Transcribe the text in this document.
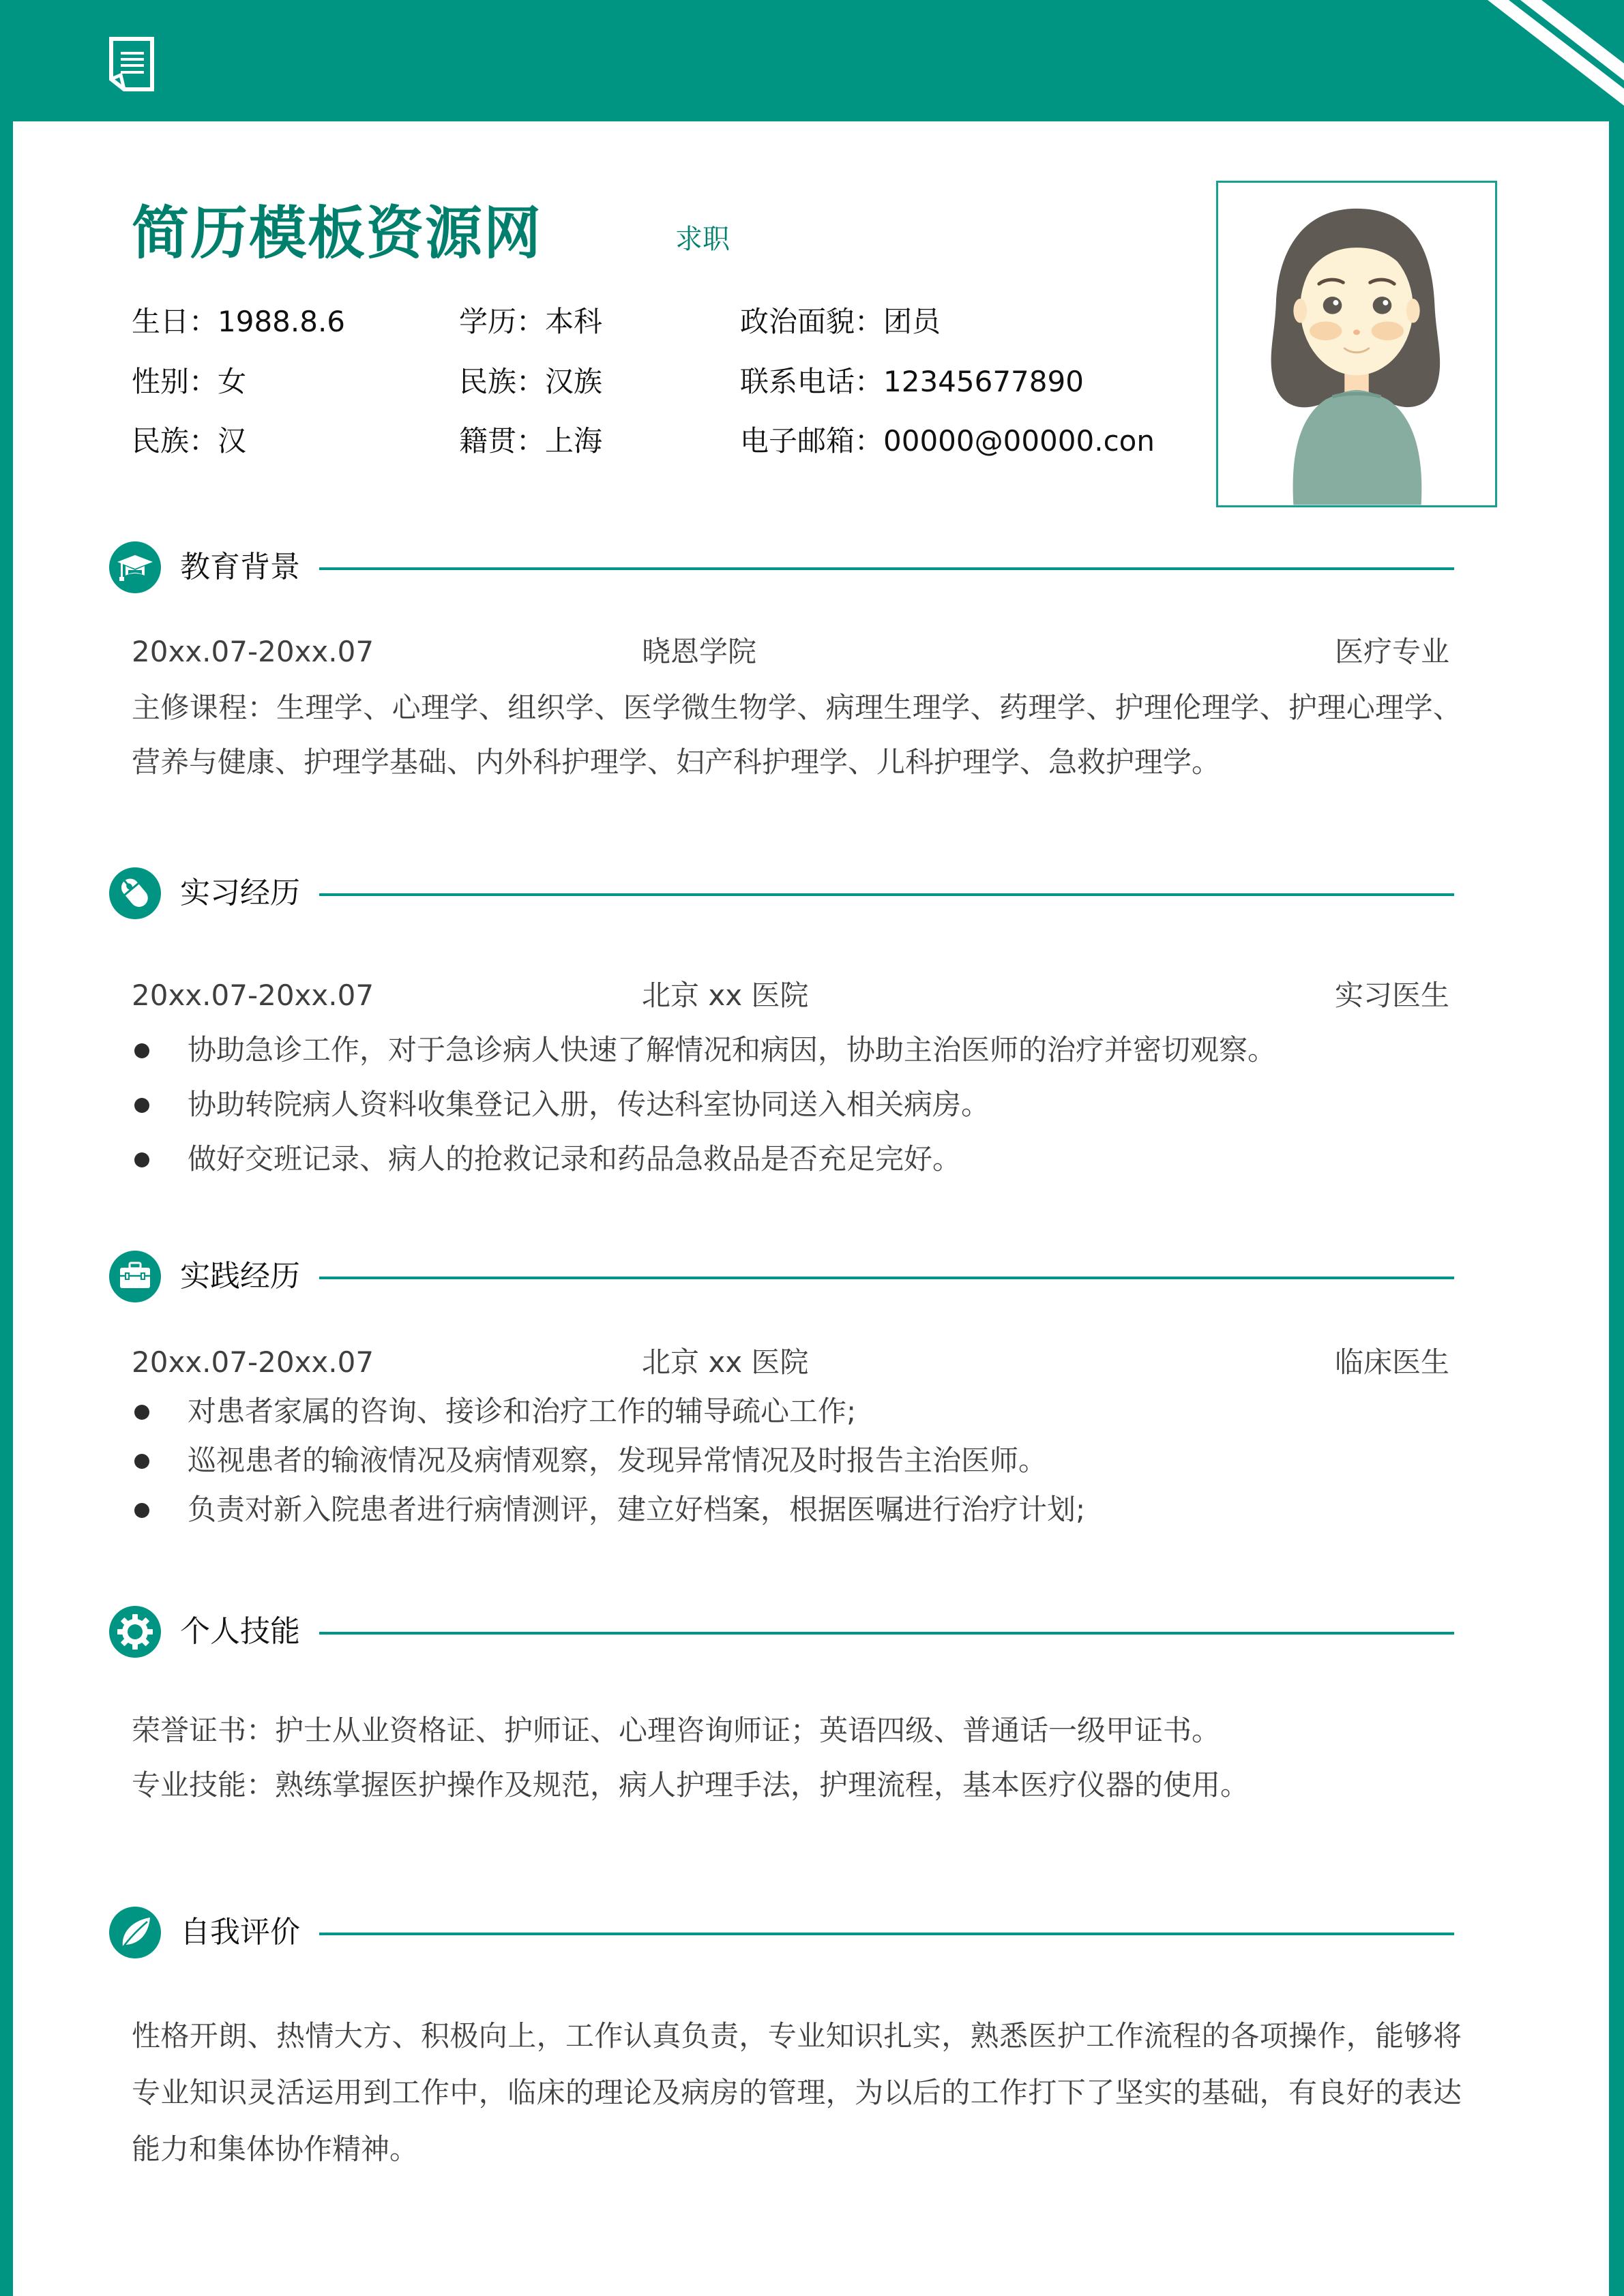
简历模板资源网	求职
生日：1988.8.6	学历：本科	政治面貌：团员
性别：女	民族：汉族	联系电话：12345677890
民族：汉	籍贯：上海	电子邮箱：00000@00000.con
教育背景
20xx.07-20xx.07	晓恩学院	医疗专业
主修课程：生理学、心理学、组织学、医学微生物学、病理生理学、药理学、护理伦理学、护理心理学、营养与健康、护理学基础、内外科护理学、妇产科护理学、儿科护理学、急救护理学。
实习经历
20xx.07-20xx.07	北京 xx 医院	实习医生
协助急诊工作，对于急诊病人快速了解情况和病因，协助主治医师的治疗并密切观察。
协助转院病人资料收集登记入册，传达科室协同送入相关病房。
做好交班记录、病人的抢救记录和药品急救品是否充足完好。
实践经历
20xx.07-20xx.07	北京 xx 医院	临床医生
对患者家属的咨询、接诊和治疗工作的辅导疏心工作;
巡视患者的输液情况及病情观察，发现异常情况及时报告主治医师。
负责对新入院患者进行病情测评，建立好档案，根据医嘱进行治疗计划;
个人技能
荣誉证书：护士从业资格证、护师证、心理咨询师证；英语四级、普通话一级甲证书。
专业技能：熟练掌握医护操作及规范，病人护理手法，护理流程，基本医疗仪器的使用。
自我评价
性格开朗、热情大方、积极向上，工作认真负责，专业知识扎实，熟悉医护工作流程的各项操作，能够将专业知识灵活运用到工作中，临床的理论及病房的管理，为以后的工作打下了坚实的基础，有良好的表达能力和集体协作精神。
